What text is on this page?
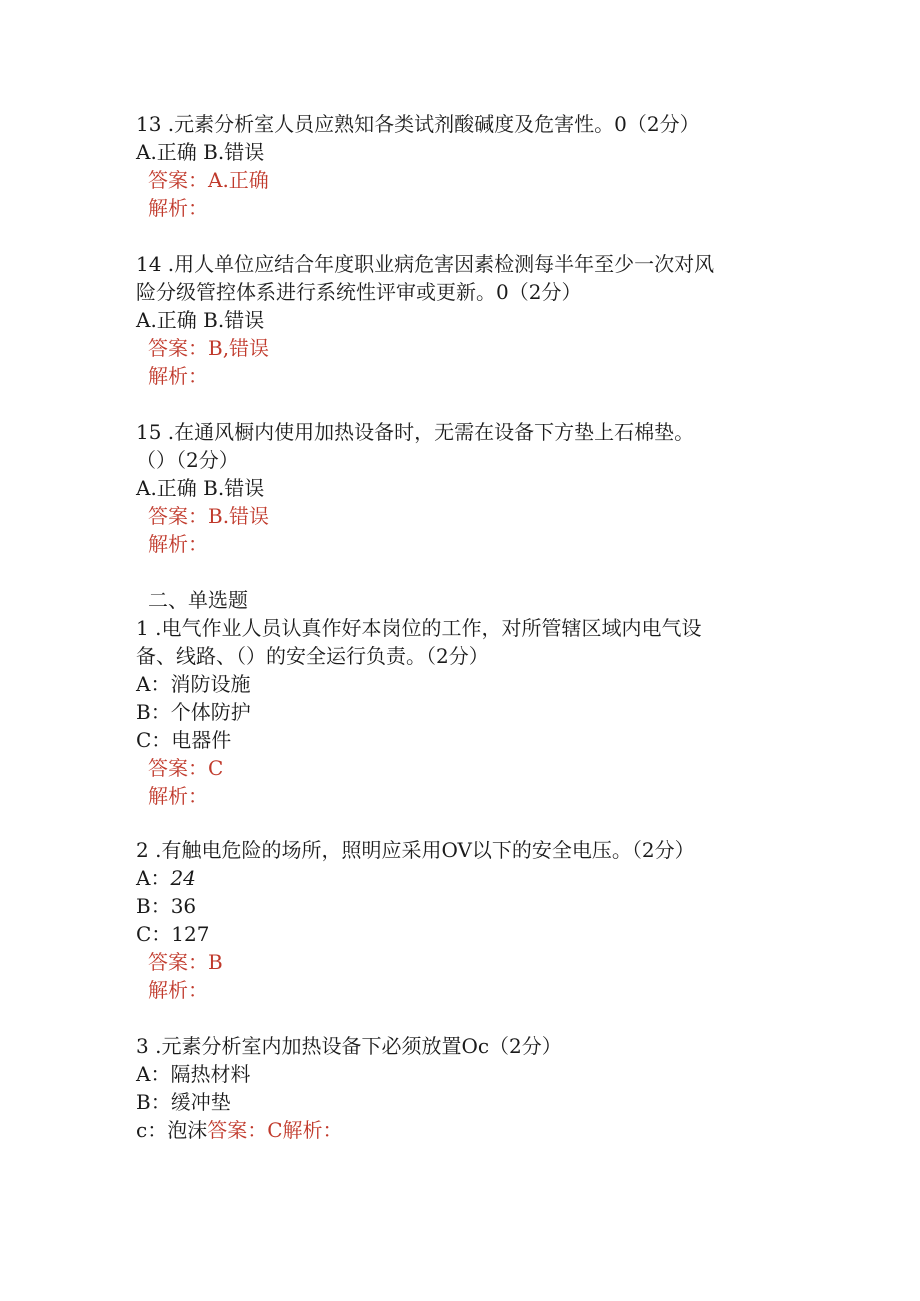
13 .元素分析室人员应熟知各类试剂酸碱度及危害性。0（2分）
A.正确 B.错误
答案：A.正确
解析：
14 .用人单位应结合年度职业病危害因素检测每半年至少一次对风
险分级管控体系进行系统性评审或更新。0（2分）
A.正确 B.错误
答案：B,错误
解析：
15 .在通风橱内使用加热设备时，无需在设备下方垫上石棉垫。
（）（2分）
A.正确 B.错误
答案：B.错误
解析：
二、单选题
1 .电气作业人员认真作好本岗位的工作，对所管辖区域内电气设
备、线路、（）的安全运行负责。（2分）
A：消防设施
B：个体防护
C：电器件
答案：C
解析：
2 .有触电危险的场所，照明应采用OV以下的安全电压。（2分）
A：24
B：36
C：127
答案：B
解析：
3 .元素分析室内加热设备下必须放置Oc（2分）
A：隔热材料
B：缓冲垫
c：泡沫答案：C解析：
